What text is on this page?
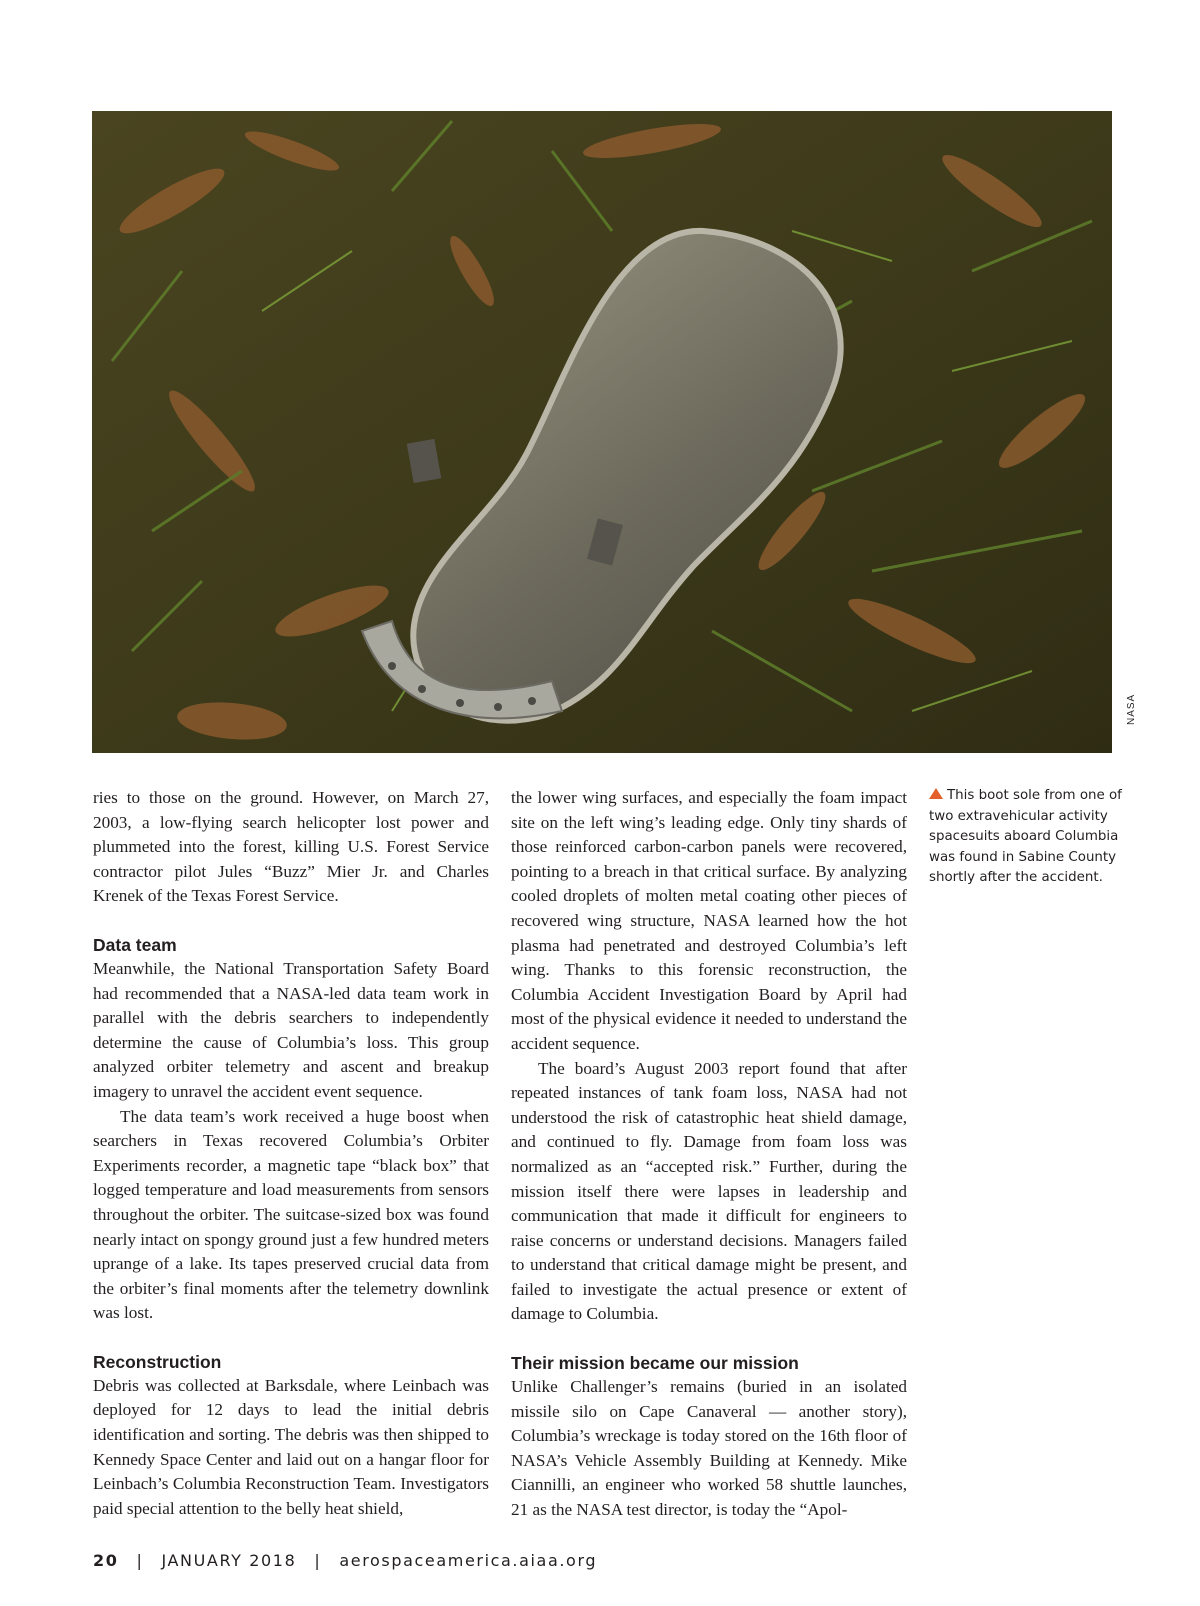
NASA

ries to those on the ground. However, on March 27, 2003, a low-flying search helicopter lost power and plummeted into the forest, killing U.S. Forest Service contractor pilot Jules “Buzz” Mier Jr. and Charles Krenek of the Texas Forest Service.

Data team

Meanwhile, the National Transportation Safety Board had recommended that a NASA-led data team work in parallel with the debris searchers to independently determine the cause of Columbia’s loss. This group analyzed orbiter telemetry and ascent and breakup imagery to unravel the accident event sequence.

The data team’s work received a huge boost when searchers in Texas recovered Columbia’s Orbiter Experiments recorder, a magnetic tape “black box” that logged temperature and load measurements from sensors throughout the orbiter. The suitcase-sized box was found nearly intact on spongy ground just a few hundred meters uprange of a lake. Its tapes preserved crucial data from the orbiter’s final moments after the telemetry downlink was lost.

Reconstruction

Debris was collected at Barksdale, where Leinbach was deployed for 12 days to lead the initial debris identification and sorting. The debris was then shipped to Kennedy Space Center and laid out on a hangar floor for Leinbach’s Columbia Reconstruction Team. Investigators paid special attention to the belly heat shield,

the lower wing surfaces, and especially the foam impact site on the left wing’s leading edge. Only tiny shards of those reinforced carbon-carbon panels were recovered, pointing to a breach in that critical surface. By analyzing cooled droplets of molten metal coating other pieces of recovered wing structure, NASA learned how the hot plasma had penetrated and destroyed Columbia’s left wing. Thanks to this forensic reconstruction, the Columbia Accident Investigation Board by April had most of the physical evidence it needed to understand the accident sequence.

The board’s August 2003 report found that after repeated instances of tank foam loss, NASA had not understood the risk of catastrophic heat shield damage, and continued to fly. Damage from foam loss was normalized as an “accepted risk.” Further, during the mission itself there were lapses in leadership and communication that made it difficult for engineers to raise concerns or understand decisions. Managers failed to understand that critical damage might be present, and failed to investigate the actual presence or extent of damage to Columbia.

Their mission became our mission

Unlike Challenger’s remains (buried in an isolated missile silo on Cape Canaveral — another story), Columbia’s wreckage is today stored on the 16th floor of NASA’s Vehicle Assembly Building at Kennedy. Mike Ciannilli, an engineer who worked 58 shuttle launches, 21 as the NASA test director, is today the “Apol-

This boot sole from one of two extravehicular activity spacesuits aboard Columbia was found in Sabine County shortly after the accident.
20 | JANUARY 2018 | aerospaceamerica.aiaa.org
